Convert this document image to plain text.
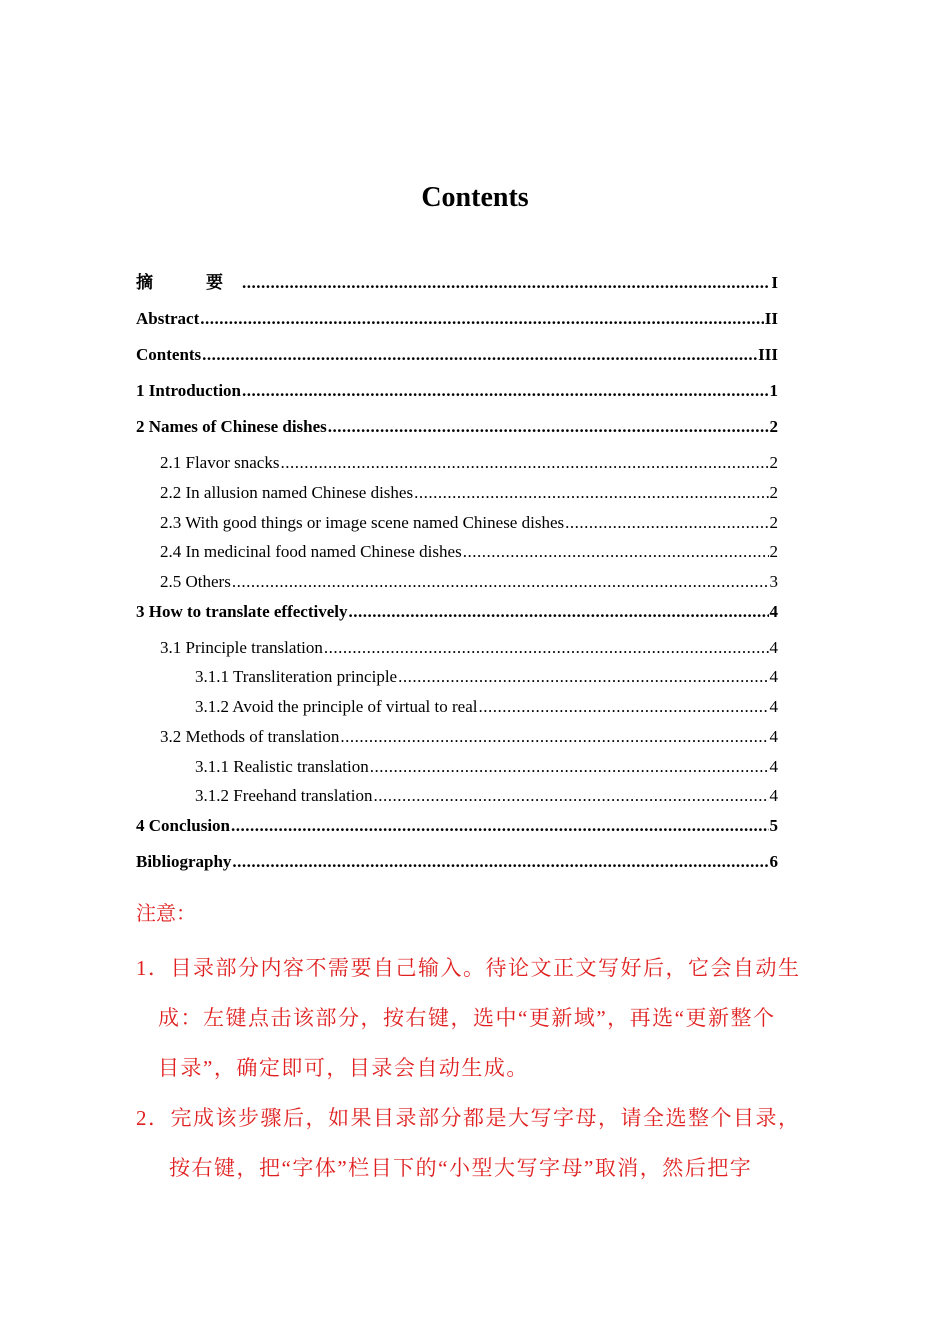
Contents
摘　要 .....	I
Abstract .....	II
Contents .....	III
1 Introduction .....	1
2 Names of Chinese dishes .....	2
2.1 Flavor snacks .....	2
2.2 In allusion named Chinese dishes .....	2
2.3 With good things or image scene named Chinese dishes .....	2
2.4 In medicinal food named Chinese dishes .....	2
2.5 Others .....	3
3 How to translate effectively .....	4
3.1 Principle translation .....	4
3.1.1 Transliteration principle .....	4
3.1.2 Avoid the principle of virtual to real .....	4
3.2 Methods of translation .....	4
3.1.1 Realistic translation .....	4
3.1.2 Freehand translation .....	4
4 Conclusion .....	5
Bibliography .....	6
注意：
1．目录部分内容不需要自己输入。待论文正文写好后，它会自动生
成：左键点击该部分，按右键，选中“更新域”，再选“更新整个
目录”，确定即可，目录会自动生成。
2．完成该步骤后，如果目录部分都是大写字母，请全选整个目录，
按右键，把“字体”栏目下的“小型大写字母”取消，然后把字
